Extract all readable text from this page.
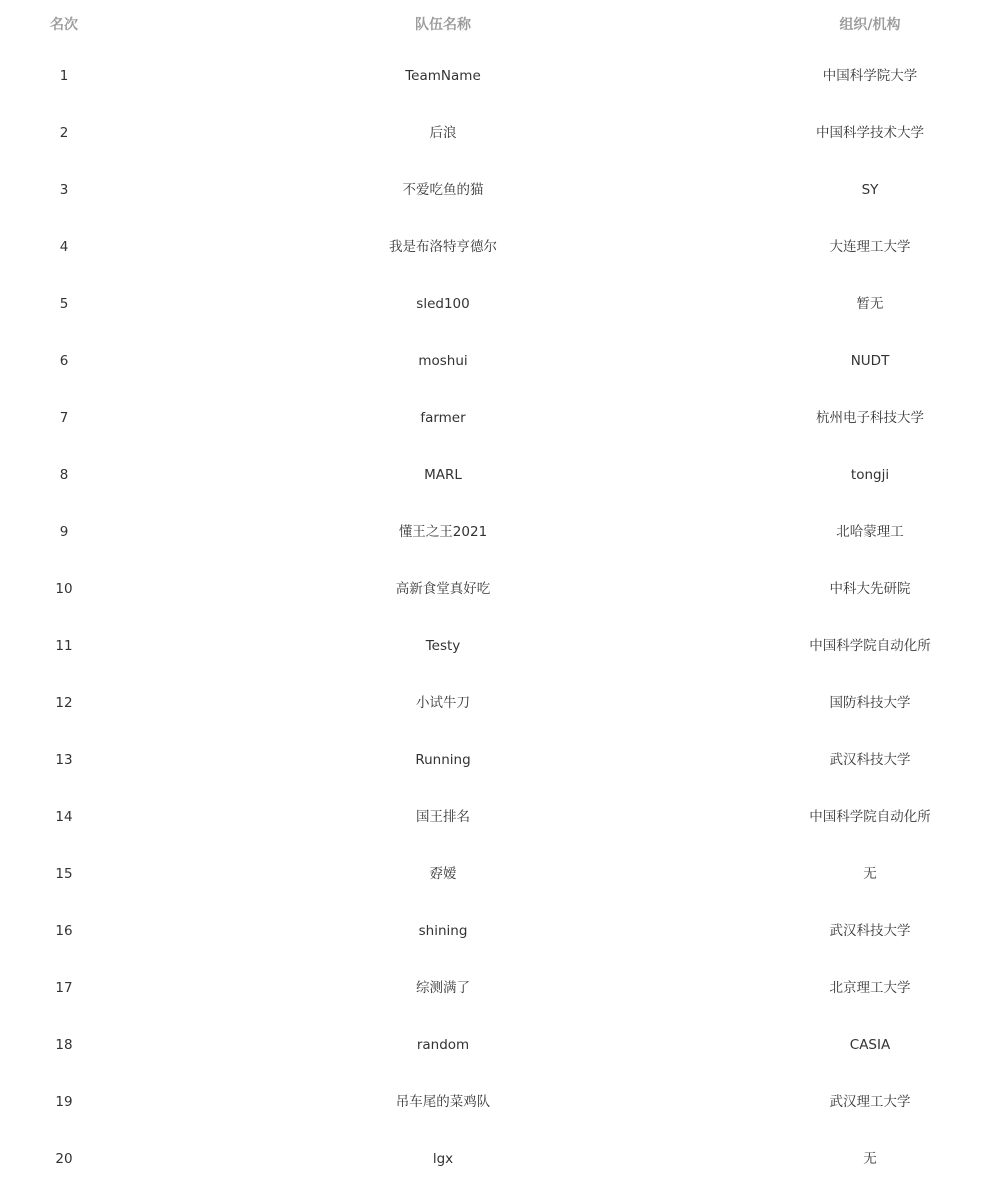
名次	队伍名称	组织/机构
1	TeamName	中国科学院大学
2	后浪	中国科学技术大学
3	不爱吃鱼的猫	SY
4	我是布洛特亨德尔	大连理工大学
5	sled100	暂无
6	moshui	NUDT
7	farmer	杭州电子科技大学
8	MARL	tongji
9	懂王之王2021	北哈蒙理工
10	高新食堂真好吃	中科大先研院
11	Testy	中国科学院自动化所
12	小试牛刀	国防科技大学
13	Running	武汉科技大学
14	国王排名	中国科学院自动化所
15	孬嫒	无
16	shining	武汉科技大学
17	综测满了	北京理工大学
18	random	CASIA
19	吊车尾的菜鸡队	武汉理工大学
20	lgx	无
